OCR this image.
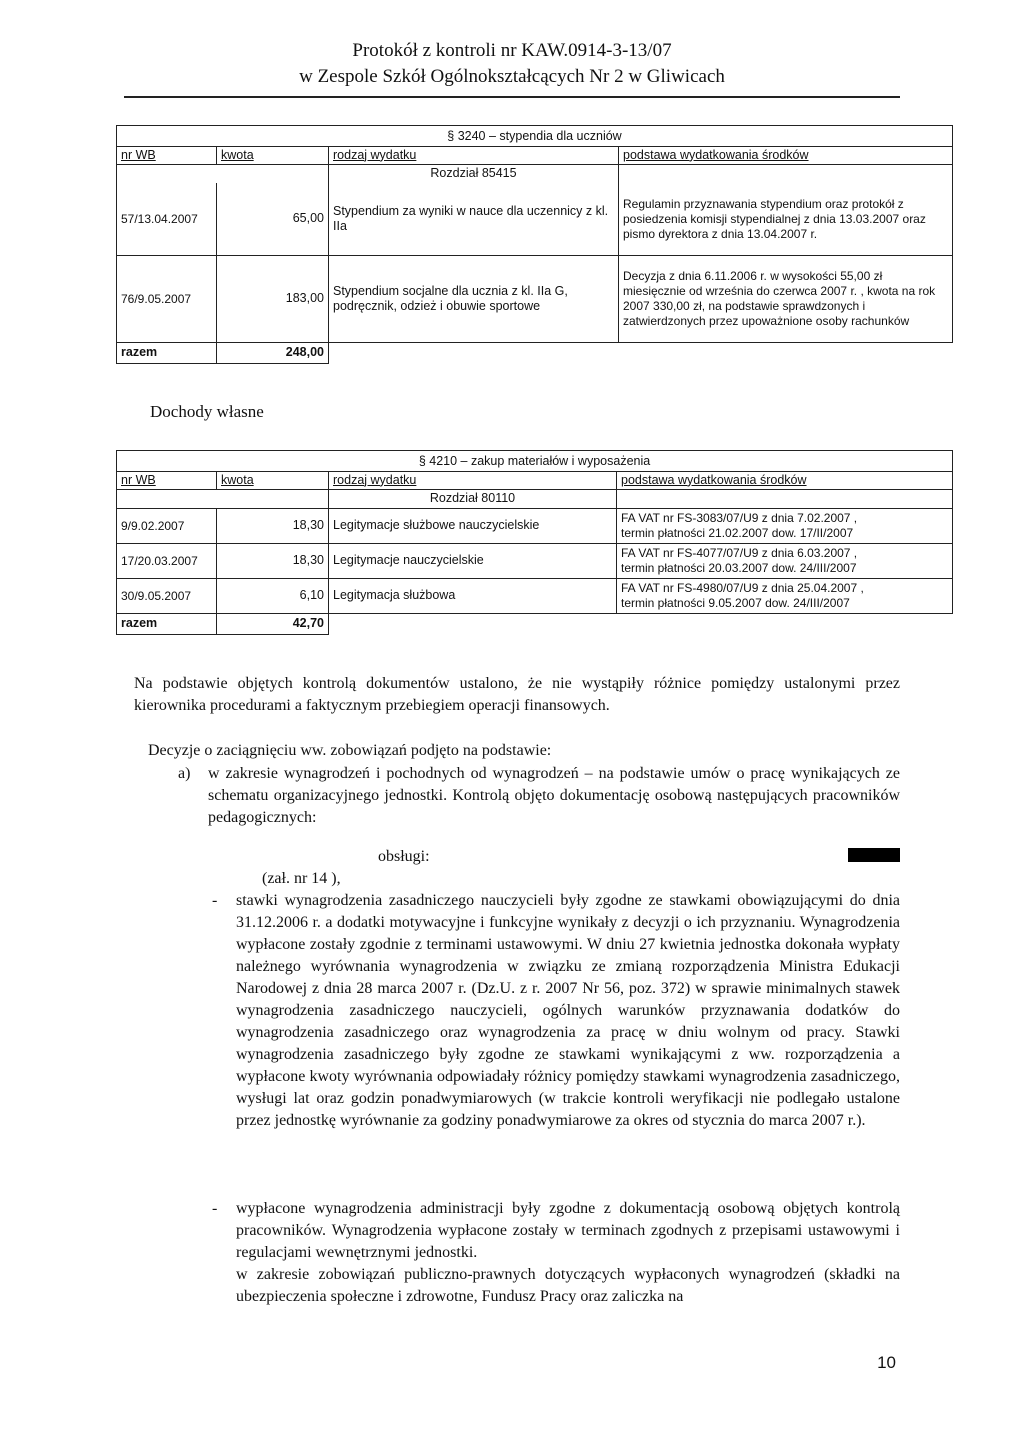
Protokół z kontroli nr KAW.0914-3-13/07
w Zespole Szkół Ogólnokształcących Nr 2 w Gliwicach
§ 3240 – stypendia dla uczniów			
nr WB	kwota	rodzaj wydatku	podstawa wydatkowania środków
		Rozdział 85415	
57/13.04.2007	65,00	Stypendium za wyniki w nauce dla uczennicy z kl. IIa	Regulamin przyznawania stypendium oraz protokół z posiedzenia komisji stypendialnej z dnia 13.03.2007 oraz pismo dyrektora z dnia 13.04.2007 r.
76/9.05.2007	183,00	Stypendium socjalne dla ucznia z kl. IIa G, podręcznik, odzież i obuwie sportowe	Decyzja z dnia 6.11.2006 r. w wysokości 55,00 zł miesięcznie od września do czerwca 2007 r. , kwota na rok 2007 330,00 zł, na podstawie sprawdzonych i zatwierdzonych przez upoważnione osoby rachunków
razem	248,00		
Dochody własne
§ 4210 – zakup materiałów i wyposażenia			
nr WB	kwota	rodzaj wydatku	podstawa wydatkowania środków
		Rozdział 80110	
9/9.02.2007	18,30	Legitymacje służbowe nauczycielskie	FA VAT nr FS-3083/07/U9 z dnia 7.02.2007 ,
termin płatności 21.02.2007 dow. 17/II/2007

17/20.03.2007	18,30	Legitymacje nauczycielskie	FA VAT nr FS-4077/07/U9 z dnia 6.03.2007 ,
termin płatności 20.03.2007 dow. 24/III/2007

30/9.05.2007	6,10	Legitymacja służbowa	FA VAT nr FS-4980/07/U9 z dnia 25.04.2007 ,
termin płatności 9.05.2007 dow. 24/III/2007

razem	42,70		
Na podstawie objętych kontrolą dokumentów ustalono, że nie wystąpiły różnice pomiędzy ustalonymi przez kierownika procedurami a faktycznym przebiegiem operacji finansowych.
Decyzje o zaciągnięciu ww. zobowiązań podjęto na podstawie:
a)	w zakresie wynagrodzeń i pochodnych od wynagrodzeń – na podstawie umów o pracę wynikających ze schematu organizacyjnego jednostki. Kontrolą objęto dokumentację osobową następujących pracowników pedagogicznych:
obsługi:
(zał. nr 14 ),
-	stawki wynagrodzenia zasadniczego nauczycieli były zgodne ze stawkami obowiązującymi do dnia 31.12.2006 r. a dodatki motywacyjne i funkcyjne wynikały z decyzji o ich przyznaniu. Wynagrodzenia wypłacone zostały zgodnie z terminami ustawowymi. W dniu 27 kwietnia jednostka dokonała wypłaty należnego wyrównania wynagrodzenia w związku ze zmianą rozporządzenia Ministra Edukacji Narodowej z dnia 28 marca 2007 r. (Dz.U. z r. 2007 Nr 56, poz. 372) w sprawie minimalnych stawek wynagrodzenia zasadniczego nauczycieli, ogólnych warunków przyznawania dodatków do wynagrodzenia zasadniczego oraz wynagrodzenia za pracę w dniu wolnym od pracy. Stawki wynagrodzenia zasadniczego były zgodne ze stawkami wynikającymi z ww. rozporządzenia a wypłacone kwoty wyrównania odpowiadały różnicy pomiędzy stawkami wynagrodzenia zasadniczego, wysługi lat oraz godzin ponadwymiarowych (w trakcie kontroli weryfikacji nie podlegało ustalone przez jednostkę wyrównanie za godziny ponadwymiarowe za okres od stycznia do marca 2007 r.).
-	wypłacone wynagrodzenia administracji były zgodne z dokumentacją osobową objętych kontrolą pracowników. Wynagrodzenia wypłacone zostały w terminach zgodnych z przepisami ustawowymi i regulacjami wewnętrznymi jednostki.
w zakresie zobowiązań publiczno-prawnych dotyczących wypłaconych wynagrodzeń (składki na ubezpieczenia społeczne i zdrowotne, Fundusz Pracy oraz zaliczka na
10
